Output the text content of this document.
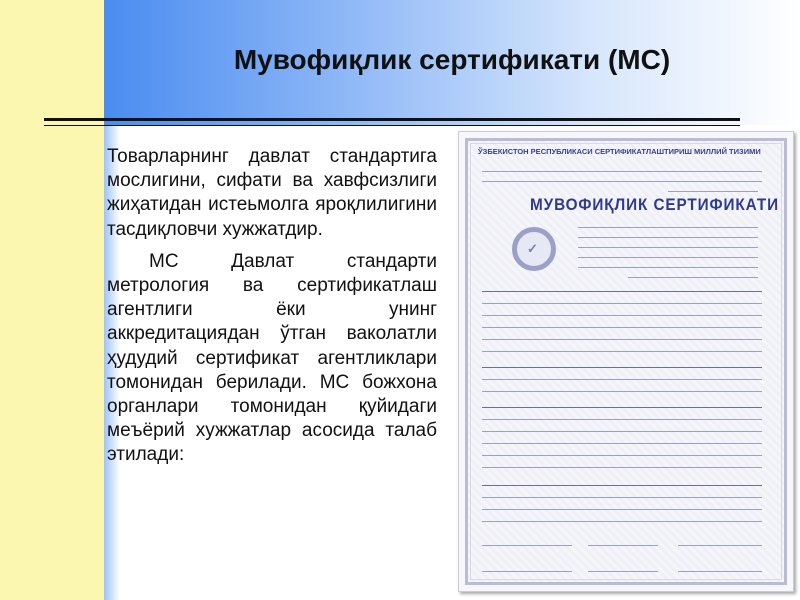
Мувофиқлик сертификати (МС)

Товарларнинг давлат стандартига мослигини, сифати ва хавфсизлиги жиҳатидан истеьмолга яроқлилигини тасдиқловчи хужжатдир.

МС Давлат стандарти метрология ва сертификатлаш агентлиги ёки унинг аккредитациядан ўтган ваколатли ҳудудий сертификат агентликлари томонидан берилади. МС божхона органлари томонидан қуйидаги меъёрий хужжатлар асосида талаб этилади:

ЎЗБЕКИСТОН РЕСПУБЛИКАСИ СЕРТИФИКАТЛАШТИРИШ МИЛЛИЙ ТИЗИМИ
МУВОФИҚЛИК СЕРТИФИКАТИ
✓
